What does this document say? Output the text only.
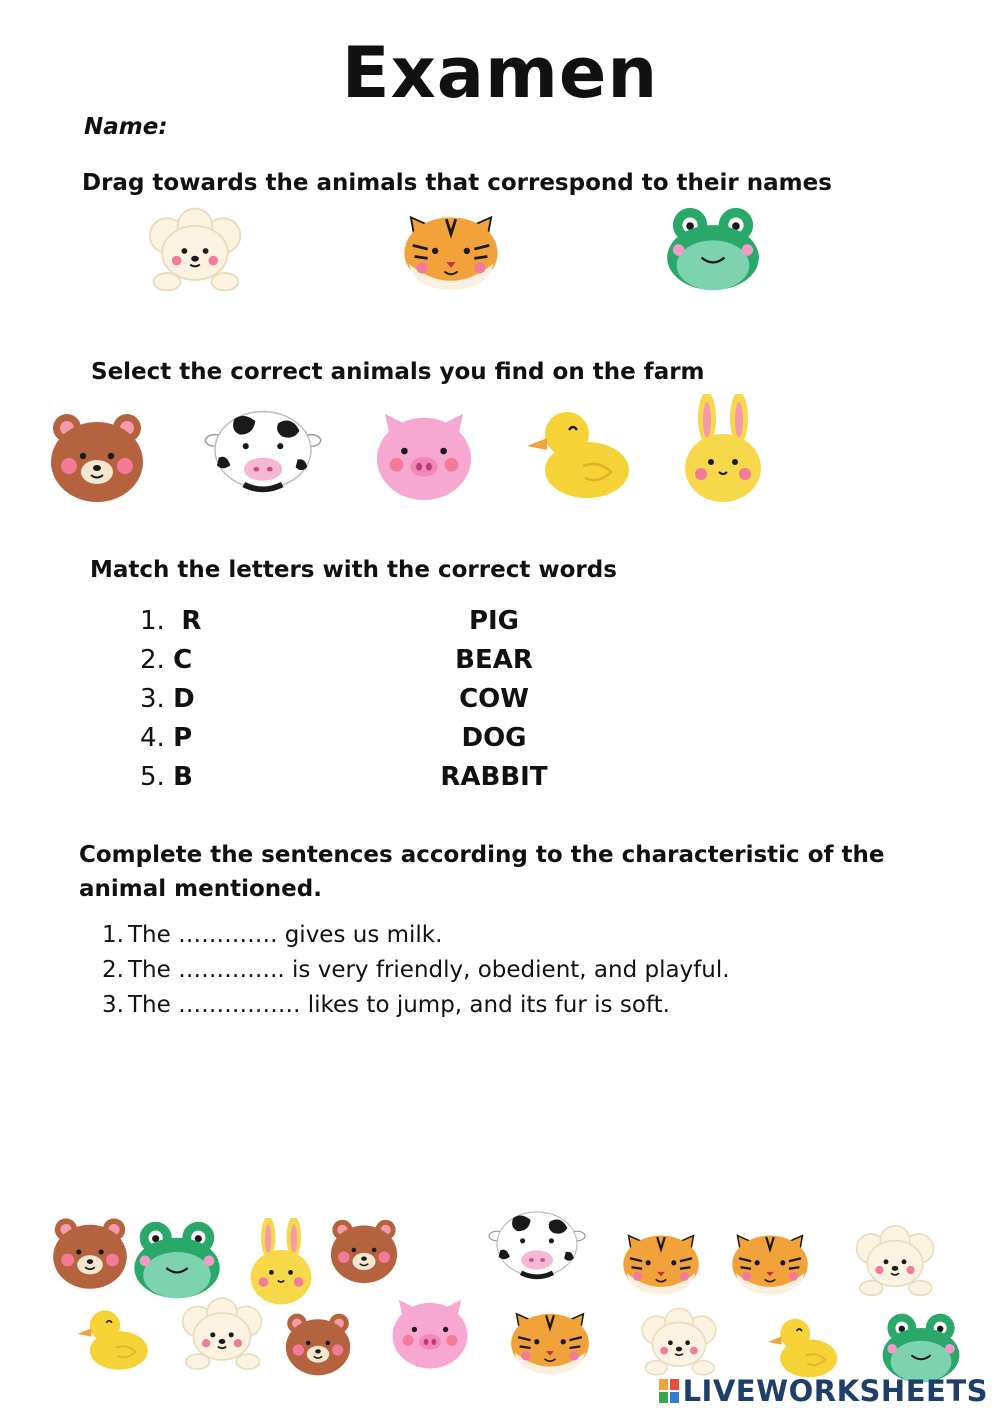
Examen
Name:
Drag towards the animals that correspond to their names
Select the correct animals you find on the farm
Match the letters with the correct words
1. R	PIG
2. C	BEAR
3. D	COW
4. P	DOG
5. B	RABBIT
Complete the sentences according to the characteristic of the animal mentioned.
1. The …………. gives us milk.
2. The ………….. is very friendly, obedient, and playful.
3. The ……………. likes to jump, and its fur is soft.
LIVEWORKSHEETS
